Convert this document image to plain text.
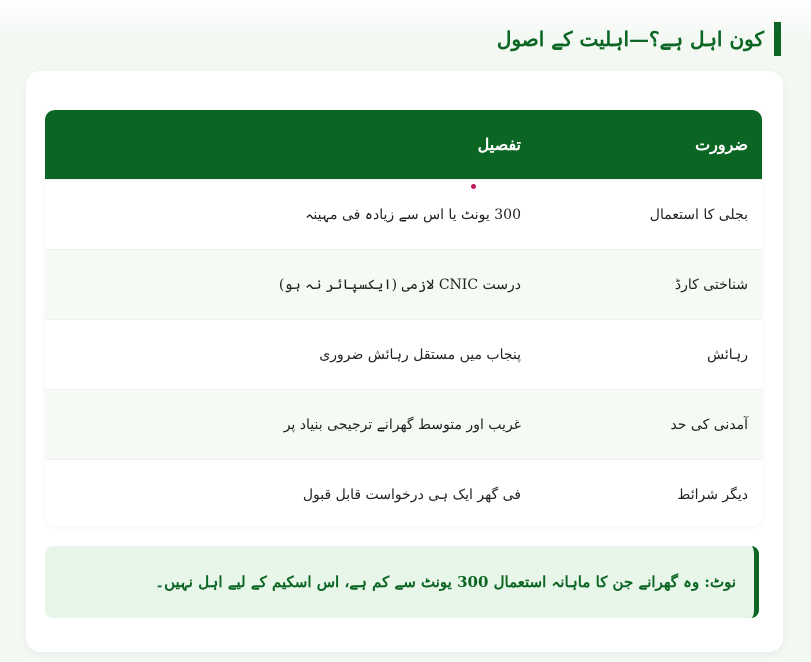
کون اہل ہے؟—اہلیت کے اصول
ضرورت	تفصیل
بجلی کا استعمال	300 یونٹ یا اس سے زیادہ فی مہینہ
شناختی کارڈ	درست CNIC لازمی (ایکسپائر نہ ہو)
رہائش	پنجاب میں مستقل رہائش ضروری
آمدنی کی حد	غریب اور متوسط گھرانے ترجیحی بنیاد پر
دیگر شرائط	فی گھر ایک ہی درخواست قابل قبول
نوٹ: وہ گھرانے جن کا ماہانہ استعمال 300 یونٹ سے کم ہے، اس اسکیم کے لیے اہل نہیں۔
